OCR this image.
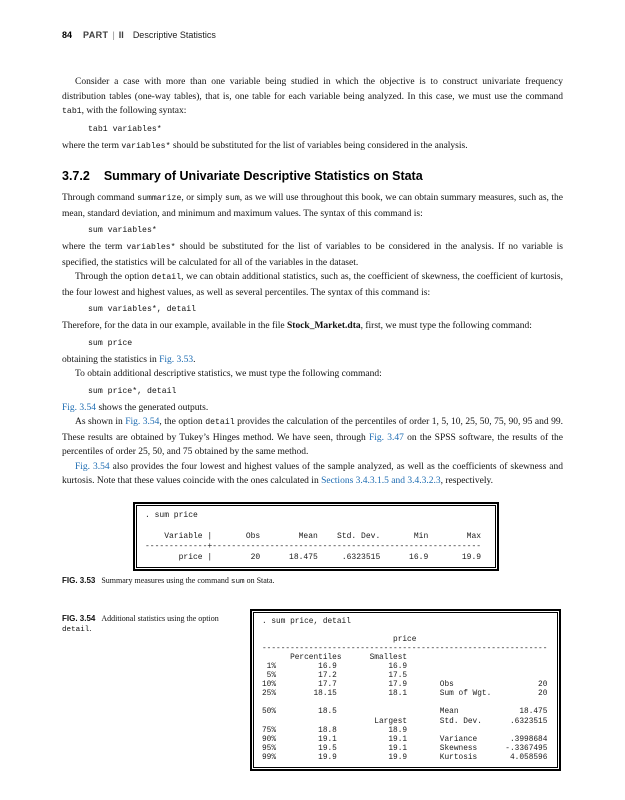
84 PART | II Descriptive Statistics

Consider a case with more than one variable being studied in which the objective is to construct univariate frequency distribution tables (one-way tables), that is, one table for each variable being analyzed. In this case, we must use the command tab1, with the following syntax:

tab1 variables*

where the term variables* should be substituted for the list of variables being considered in the analysis.

3.7.2 Summary of Univariate Descriptive Statistics on Stata

Through command summarize, or simply sum, as we will use throughout this book, we can obtain summary measures, such as, the mean, standard deviation, and minimum and maximum values. The syntax of this command is:

sum variables*

where the term variables* should be substituted for the list of variables to be considered in the analysis. If no variable is specified, the statistics will be calculated for all of the variables in the dataset.

Through the option detail, we can obtain additional statistics, such as, the coefficient of skewness, the coefficient of kurtosis, the four lowest and highest values, as well as several percentiles. The syntax of this command is:

sum variables*, detail

Therefore, for the data in our example, available in the file Stock_Market.dta, first, we must type the following command:

sum price

obtaining the statistics in Fig. 3.53.

To obtain additional descriptive statistics, we must type the following command:

sum price*, detail

Fig. 3.54 shows the generated outputs.

As shown in Fig. 3.54, the option detail provides the calculation of the percentiles of order 1, 5, 10, 25, 50, 75, 90, 95 and 99. These results are obtained by Tukey’s Hinges method. We have seen, through Fig. 3.47 on the SPSS software, the results of the percentiles of order 25, 50, and 75 obtained by the same method.

Fig. 3.54 also provides the four lowest and highest values of the sample analyzed, as well as the coefficients of skewness and kurtosis. Note that these values coincide with the ones calculated in Sections 3.4.3.1.5 and 3.4.3.2.3, respectively.

. sum price
Variable |       Obs        Mean    Std. Dev.       Min        Max
-------------+--------------------------------------------------------
price |        20      18.475     .6323515      16.9       19.9

FIG. 3.53 Summary measures using the command sum on Stata.

FIG. 3.54 Additional statistics using the option detail.

. sum price, detail
price
-------------------------------------------------------------
Percentiles      Smallest
1%         16.9           16.9
5%         17.2           17.5
10%         17.7           17.9       Obs                  20
25%        18.15           18.1       Sum of Wgt.          20
50%         18.5                      Mean             18.475
Largest       Std. Dev.      .6323515
75%         18.8           18.9
90%         19.1           19.1       Variance       .3998684
95%         19.5           19.1       Skewness      -.3367495
99%         19.9           19.9       Kurtosis       4.058596
